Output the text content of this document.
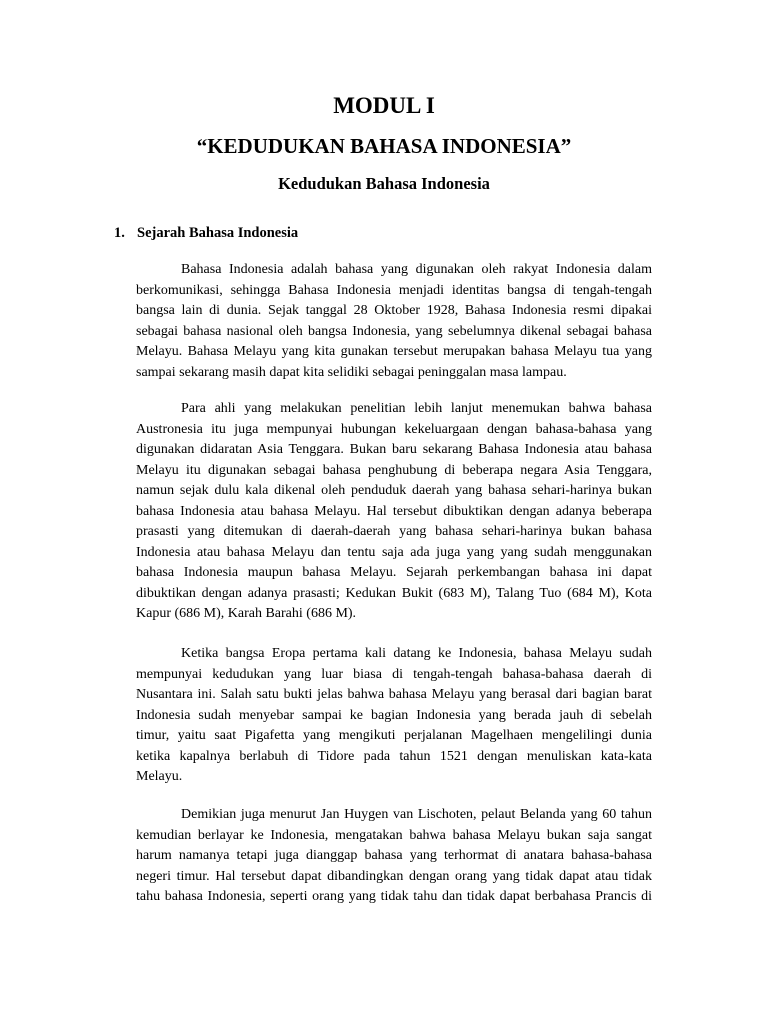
MODUL I
“KEDUDUKAN BAHASA INDONESIA”
Kedudukan Bahasa Indonesia
1. Sejarah Bahasa Indonesia

Bahasa Indonesia adalah bahasa yang digunakan oleh rakyat Indonesia dalam
berkomunikasi, sehingga Bahasa Indonesia menjadi identitas bangsa di tengah-tengah
bangsa lain di dunia. Sejak tanggal 28 Oktober 1928, Bahasa Indonesia resmi dipakai
sebagai bahasa nasional oleh bangsa Indonesia, yang sebelumnya dikenal sebagai bahasa
Melayu. Bahasa Melayu yang kita gunakan tersebut merupakan bahasa Melayu tua yang
sampai sekarang masih dapat kita selidiki sebagai peninggalan masa lampau.

Para ahli yang melakukan penelitian lebih lanjut menemukan bahwa bahasa
Austronesia itu juga mempunyai hubungan kekeluargaan dengan bahasa-bahasa yang
digunakan didaratan Asia Tenggara. Bukan baru sekarang Bahasa Indonesia atau bahasa
Melayu itu digunakan sebagai bahasa penghubung di beberapa negara Asia Tenggara,
namun sejak dulu kala dikenal oleh penduduk daerah yang bahasa sehari-harinya bukan
bahasa Indonesia atau bahasa Melayu. Hal tersebut dibuktikan dengan adanya beberapa
prasasti yang ditemukan di daerah-daerah yang bahasa sehari-harinya bukan bahasa
Indonesia atau bahasa Melayu dan tentu saja ada juga yang yang sudah menggunakan
bahasa Indonesia maupun bahasa Melayu. Sejarah perkembangan bahasa ini dapat
dibuktikan dengan adanya prasasti; Kedukan Bukit (683 M), Talang Tuo (684 M), Kota
Kapur (686 M), Karah Barahi (686 M).

Ketika bangsa Eropa pertama kali datang ke Indonesia, bahasa Melayu sudah
mempunyai kedudukan yang luar biasa di tengah-tengah bahasa-bahasa daerah di
Nusantara ini. Salah satu bukti jelas bahwa bahasa Melayu yang berasal dari bagian barat
Indonesia sudah menyebar sampai ke bagian Indonesia yang berada jauh di sebelah
timur, yaitu saat Pigafetta yang mengikuti perjalanan Magelhaen mengelilingi dunia
ketika kapalnya berlabuh di Tidore pada tahun 1521 dengan menuliskan kata-kata
Melayu.

Demikian juga menurut Jan Huygen van Lischoten, pelaut Belanda yang 60 tahun
kemudian berlayar ke Indonesia, mengatakan bahwa bahasa Melayu bukan saja sangat
harum namanya tetapi juga dianggap bahasa yang terhormat di anatara bahasa-bahasa
negeri timur. Hal tersebut dapat dibandingkan dengan orang yang tidak dapat atau tidak
tahu bahasa Indonesia, seperti orang yang tidak tahu dan tidak dapat berbahasa Prancis di
